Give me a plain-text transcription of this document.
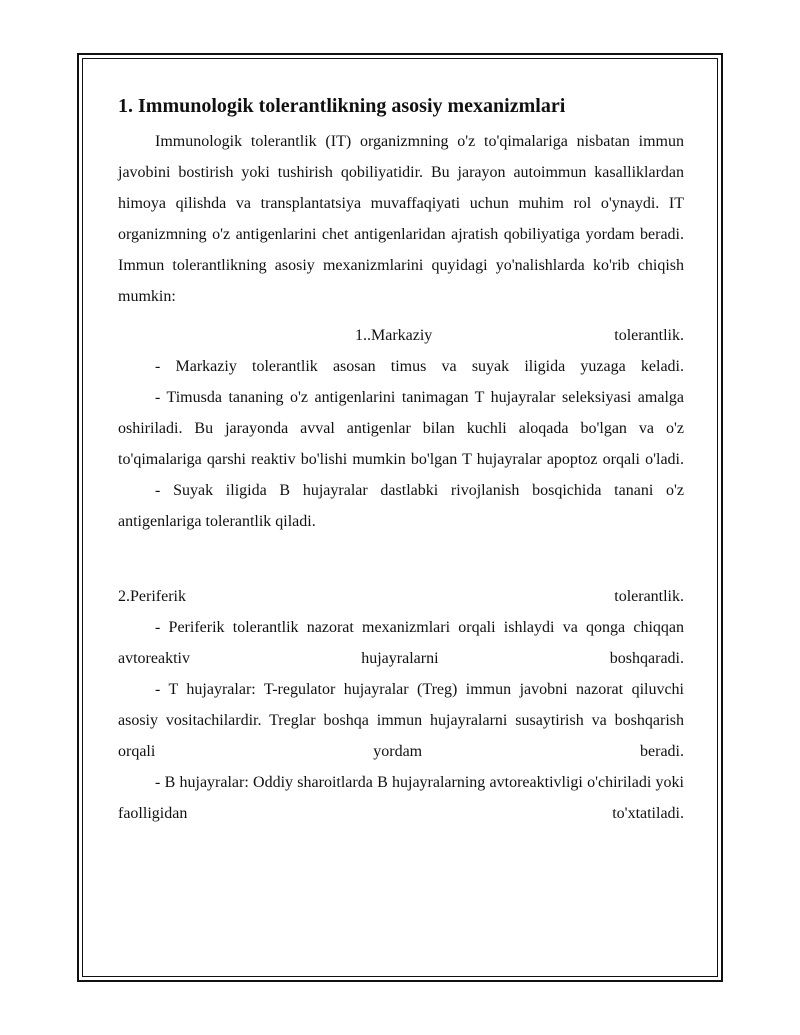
1. Immunologik tolerantlikning asosiy mexanizmlari

Immunologik tolerantlik (IT) organizmning o'z to'qimalariga nisbatan immun javobini bostirish yoki tushirish qobiliyatidir. Bu jarayon autoimmun kasalliklardan himoya qilishda va transplantatsiya muvaffaqiyati uchun muhim rol o'ynaydi. IT organizmning o'z antigenlarini chet antigenlaridan ajratish qobiliyatiga yordam beradi. Immun tolerantlikning asosiy mexanizmlarini quyidagi yo'nalishlarda ko'rib chiqish mumkin:

1..Markaziy tolerantlik.

- Markaziy tolerantlik asosan timus va suyak iligida yuzaga keladi.

- Timusda tananing o'z antigenlarini tanimagan T hujayralar seleksiyasi amalga oshiriladi. Bu jarayonda avval antigenlar bilan kuchli aloqada bo'lgan va o'z to'qimalariga qarshi reaktiv bo'lishi mumkin bo'lgan T hujayralar apoptoz orqali o'ladi.

- Suyak iligida B hujayralar dastlabki rivojlanish bosqichida tanani o'z antigenlariga tolerantlik qiladi.

2.Periferik tolerantlik.

- Periferik tolerantlik nazorat mexanizmlari orqali ishlaydi va qonga chiqqan avtoreaktiv hujayralarni boshqaradi.

- T hujayralar: T-regulator hujayralar (Treg) immun javobni nazorat qiluvchi asosiy vositachilardir. Treglar boshqa immun hujayralarni susaytirish va boshqarish orqali yordam beradi.

- B hujayralar: Oddiy sharoitlarda B hujayralarning avtoreaktivligi o'chiriladi yoki faolligidan to'xtatiladi.
